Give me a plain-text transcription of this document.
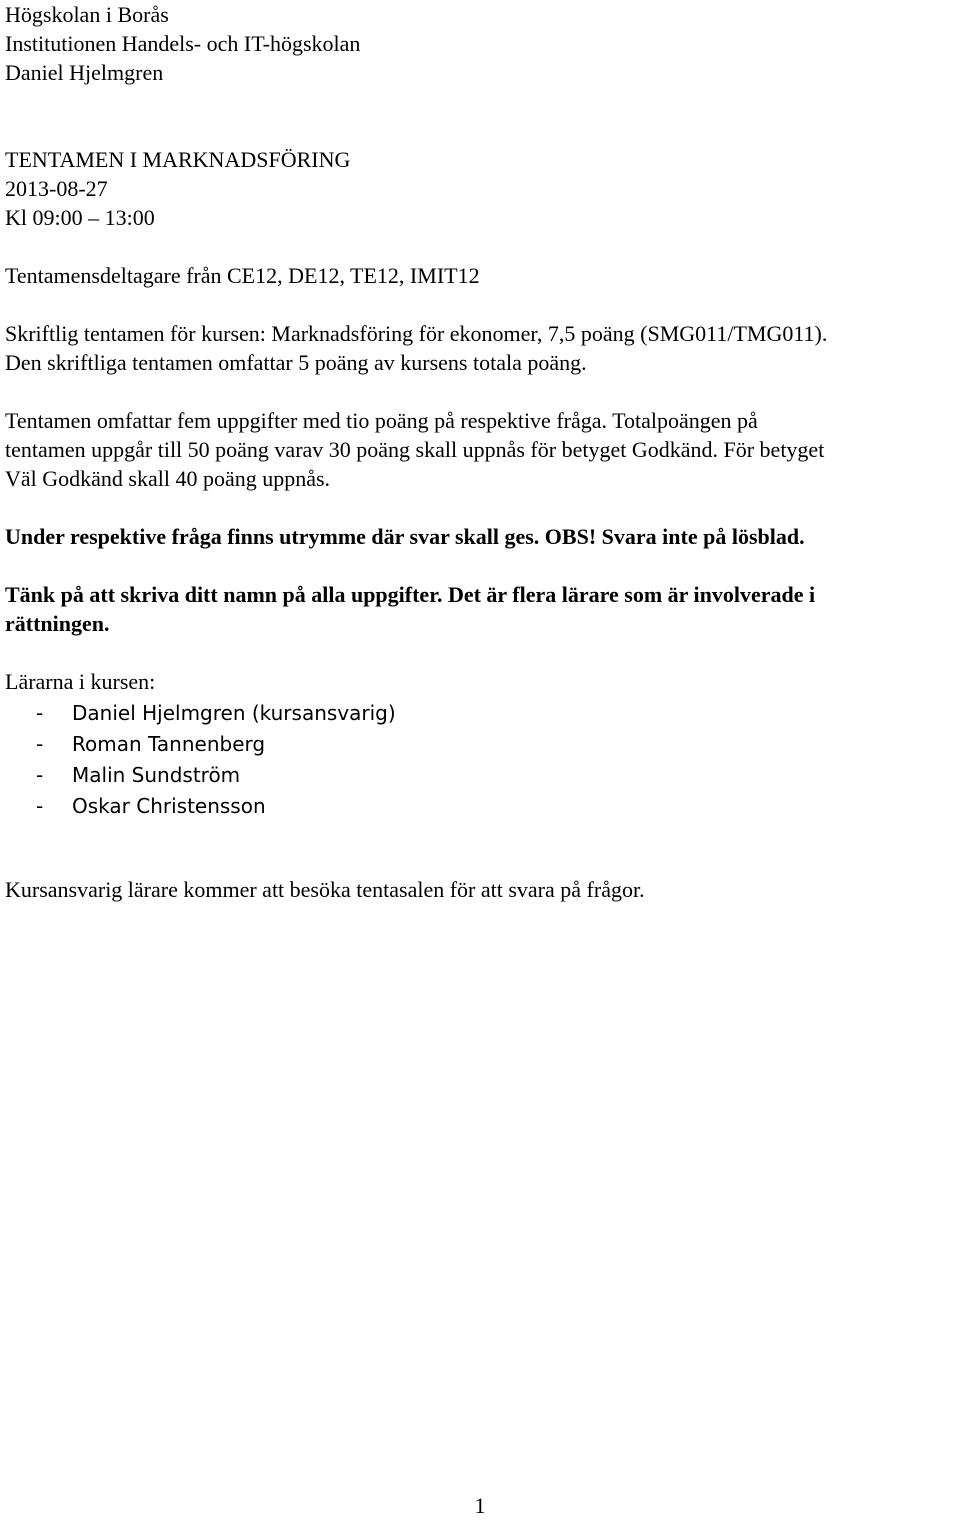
Högskolan i Borås
Institutionen Handels- och IT-högskolan
Daniel Hjelmgren
TENTAMEN I MARKNADSFÖRING
2013-08-27
Kl 09:00 – 13:00
Tentamensdeltagare från CE12, DE12, TE12, IMIT12
Skriftlig tentamen för kursen: Marknadsföring för ekonomer, 7,5 poäng (SMG011/TMG011).
Den skriftliga tentamen omfattar 5 poäng av kursens totala poäng.
Tentamen omfattar fem uppgifter med tio poäng på respektive fråga. Totalpoängen på
tentamen uppgår till 50 poäng varav 30 poäng skall uppnås för betyget Godkänd. För betyget
Väl Godkänd skall 40 poäng uppnås.
Under respektive fråga finns utrymme där svar skall ges. OBS! Svara inte på lösblad.
Tänk på att skriva ditt namn på alla uppgifter. Det är flera lärare som är involverade i
rättningen.
Lärarna i kursen:
-	Daniel Hjelmgren (kursansvarig)
-	Roman Tannenberg
-	Malin Sundström
-	Oskar Christensson
Kursansvarig lärare kommer att besöka tentasalen för att svara på frågor.
1
